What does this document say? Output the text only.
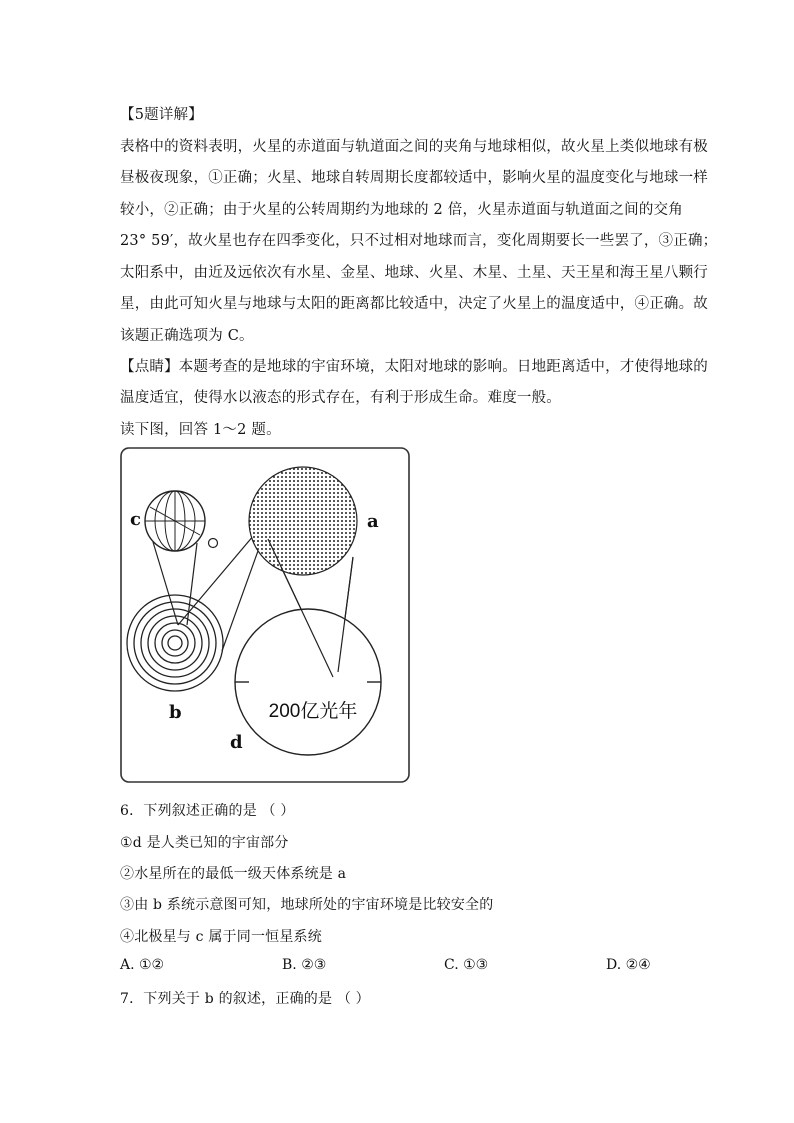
【5题详解】
表格中的资料表明，火星的赤道面与轨道面之间的夹角与地球相似，故火星上类似地球有极
昼极夜现象，①正确；火星、地球自转周期长度都较适中，影响火星的温度变化与地球一样
较小，②正确；由于火星的公转周期约为地球的 2 倍，火星赤道面与轨道面之间的交角
23° 59′，故火星也存在四季变化，只不过相对地球而言，变化周期要长一些罢了，③正确；
太阳系中，由近及远依次有水星、金星、地球、火星、木星、土星、天王星和海王星八颗行
星，由此可知火星与地球与太阳的距离都比较适中，决定了火星上的温度适中，④正确。故
该题正确选项为 C。
【点睛】本题考查的是地球的宇宙环境，太阳对地球的影响。日地距离适中，才使得地球的
温度适宜，使得水以液态的形式存在，有利于形成生命。难度一般。
读下图，回答 1～2 题。
c	a
b
d
200亿光年
6．下列叙述正确的是 （ ）
①d 是人类已知的宇宙部分
②水星所在的最低一级天体系统是 a
③由 b 系统示意图可知，地球所处的宇宙环境是比较安全的
④北极星与 c 属于同一恒星系统
A. ①②	B. ②③	C. ①③	D. ②④
7．下列关于 b 的叙述，正确的是 （ ）
